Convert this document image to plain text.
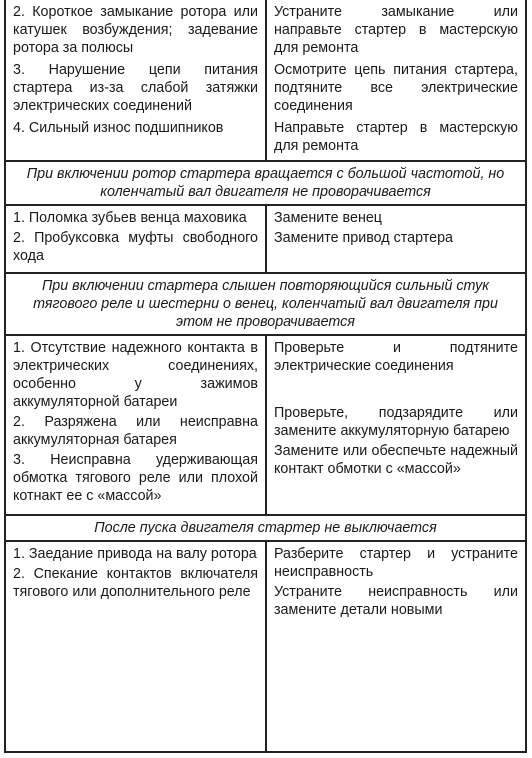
2. Короткое замыкание ротора или катушек возбуждения; задевание ротора за полюсы
3. Нарушение цепи питания стартера из-за слабой затяжки электрических соединений
4. Сильный износ подшипников
Устраните замыкание или направьте стартер в мастерскую для ремонта
Осмотрите цепь питания стартера, подтяните все электрические соединения
Направьте стартер в мастерскую для ремонта
При включении ротор стартера вращается с большой частотой, но коленчатый вал двигателя не проворачивается
1. Поломка зубьев венца маховика
2. Пробуксовка муфты свободного хода
Замените венец
Замените привод стартера
При включении стартера слышен повторяющийся сильный стук тягового реле и шестерни о венец, коленчатый вал двигателя при этом не проворачивается
1. Отсутствие надежного контакта в электрических соединениях, особенно у зажимов аккумуляторной батареи
2. Разряжена или неисправна аккумуляторная батарея
3. Неисправна удерживающая обмотка тягового реле или плохой котнакт ее с «массой»
Проверьте и подтяните электрические соединения
Проверьте, подзарядите или замените аккумуляторную батарею
Замените или обеспечьте надежный контакт обмотки с «массой»
После пуска двигателя стартер не выключается
1. Заедание привода на валу ротора
2. Спекание контактов включателя тягового или дополнительного реле
Разберите стартер и устраните неисправность
Устраните неисправность или замените детали новыми
